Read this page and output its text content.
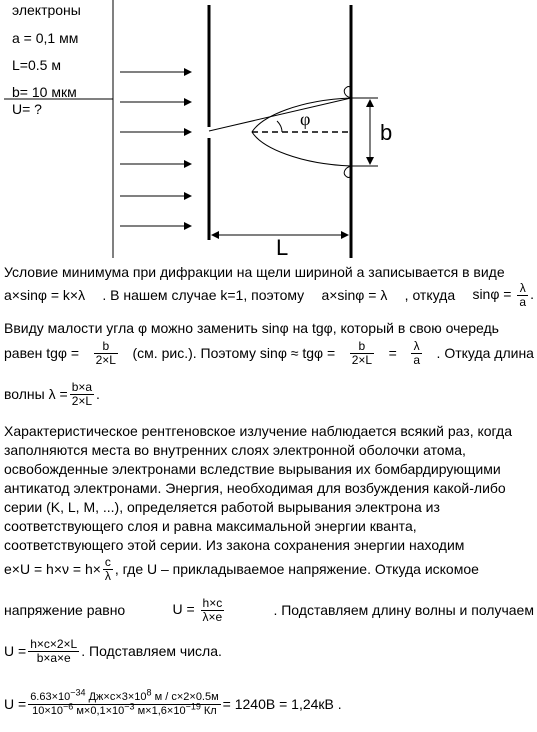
φ
b
L
электроны
а = 0,1 мм
L=0.5 м
b= 10 мкм
U= ?
Условие минимума при дифракции на щели шириной а записывается в виде
a×sinφ = k×λ . В нашем случае k=1, поэтому a×sinφ = λ , откуда $\sin\varphi = \frac{\lambda}{a}$ .
Ввиду малости угла φ можно заменить sinφ на tgφ, который в свою очередь
равен $tg\varphi = \frac{b}{2\times L} (см$. рис.). Поэтому $\sin\varphi \approx tg\varphi = \frac{b}{2\times L} = \frac{\lambda}{a}$ . Откуда длина
волны $\lambda = \frac{b\times a}{2\times L}$ .
Характеристическое рентгеновское излучение наблюдается всякий раз, когда
заполняются места во внутренних слоях электронной оболочки атома,
освобожденные электронами вследствие вырывания их бомбардирующими
антикатод электронами. Энергия, необходимая для возбуждения какой-либо
серии (K, L, M, ...), определяется работой вырывания электрона из
соответствующего слоя и равна максимальной энергии кванта,
соответствующего этой серии. Из закона сохранения энергии находим
$e\times U = h\times\nu = h\times \frac{c}{\lambda}$ , где U – прикладываемое напряжение. Откуда искомое
напряжение равно	$U = \frac{h\times c}{\lambda\times e}$	. Подставляем длину волны и получаем
$U = \frac{h\times c\times 2\times L}{b\times a\times e}$ . Подставляем числа.
$U = 6.63\times 10^{-34}$ $Дж\times с\times 3\times 10^8$ м / с×2×0.5м
$10\times 10^{-6}$ $м\times 0,1\times 10^{-3}$ $м\times 1,6\times 10^{-19}$ Кл = 1240В = 1,24кВ .
